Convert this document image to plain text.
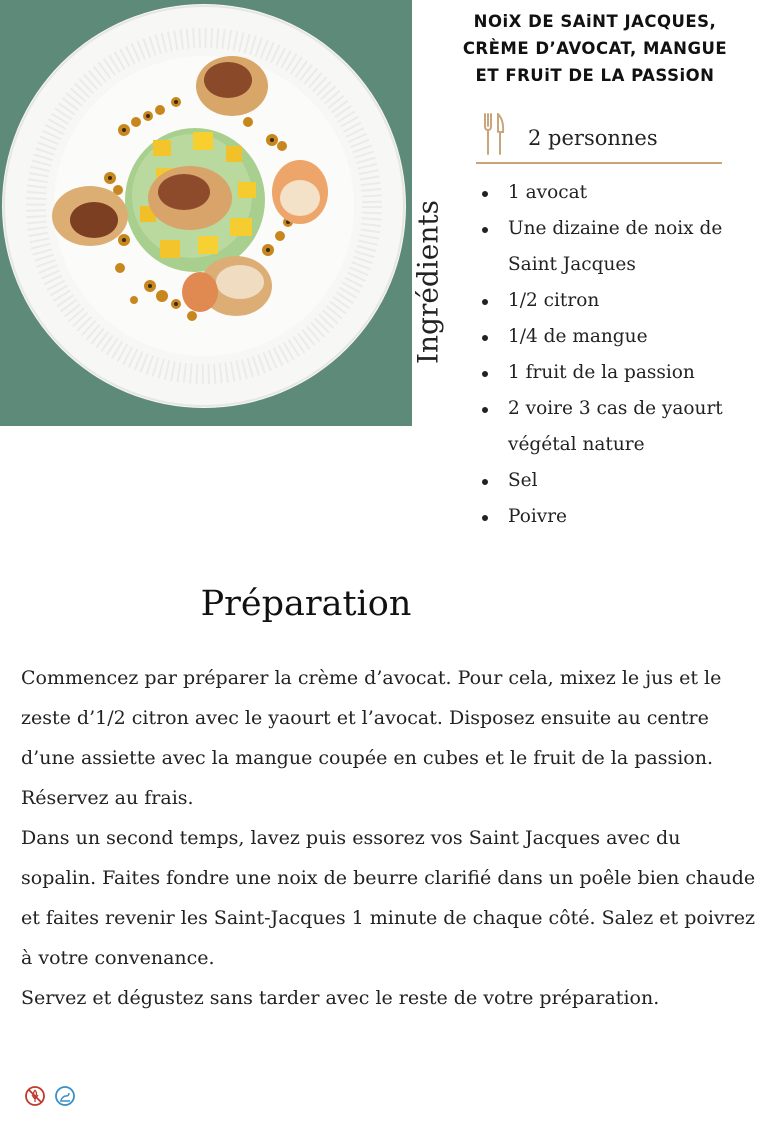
NOiX DE SAiNT JACQUES,
CRÈME D’AVOCAT, MANGUE
ET FRUiT DE LA PASSiON
Ingrédients
2 personnes
1 avocat
Une dizaine de noix de Saint Jacques
1/2 citron
1/4 de mangue
1 fruit de la passion
2 voire 3 cas de yaourt végétal nature
Sel
Poivre
Préparation

Commencez par préparer la crème d’avocat. Pour cela, mixez le jus et le zeste d’1/2 citron avec le yaourt et l’avocat. Disposez ensuite au centre d’une assiette avec la mangue coupée en cubes et le fruit de la passion. Réservez au frais.

Dans un second temps, lavez puis essorez vos Saint Jacques avec du sopalin. Faites fondre une noix de beurre clarifié dans un poêle bien chaude et faites revenir les Saint-Jacques 1 minute de chaque côté. Salez et poivrez à votre convenance.

Servez et dégustez sans tarder avec le reste de votre préparation.
